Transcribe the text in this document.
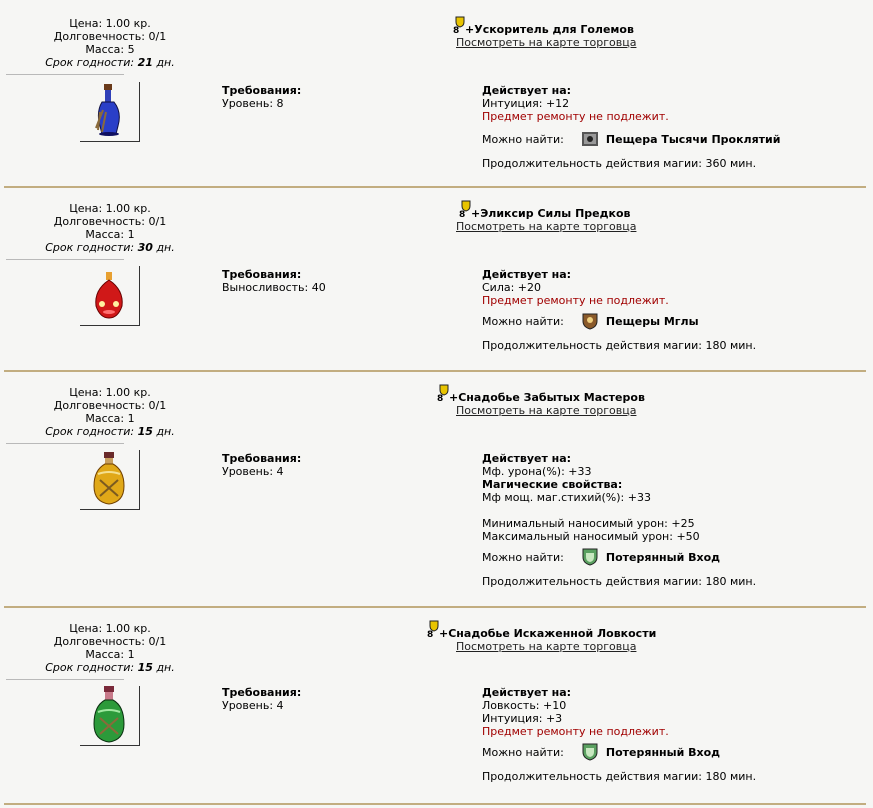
Цена: 1.00 кр.
Долговечность: 0/1
Масса: 5
Срок годности: 21 дн.
8 +Ускоритель для Големов
Посмотреть на карте торговца
Требования:
Уровень: 8
Действует на:
Интуиция: +12
Предмет ремонту не подлежит.
Можно найти:	Пещера Тысячи Проклятий
Продолжительность действия магии: 360 мин.
Цена: 1.00 кр.
Долговечность: 0/1
Масса: 1
Срок годности: 30 дн.
8 +Эликсир Силы Предков
Посмотреть на карте торговца
Требования:
Выносливость: 40
Действует на:
Сила: +20
Предмет ремонту не подлежит.
Можно найти:	Пещеры Мглы
Продолжительность действия магии: 180 мин.
Цена: 1.00 кр.
Долговечность: 0/1
Масса: 1
Срок годности: 15 дн.
8 +Снадобье Забытых Мастеров
Посмотреть на карте торговца
Требования:
Уровень: 4
Действует на:
Мф. урона(%): +33
Магические свойства:
Мф мощ. маг.стихий(%): +33
Минимальный наносимый урон: +25
Максимальный наносимый урон: +50
Можно найти:	Потерянный Вход
Продолжительность действия магии: 180 мин.
Цена: 1.00 кр.
Долговечность: 0/1
Масса: 1
Срок годности: 15 дн.
8 +Снадобье Искаженной Ловкости
Посмотреть на карте торговца
Требования:
Уровень: 4
Действует на:
Ловкость: +10
Интуиция: +3
Предмет ремонту не подлежит.
Можно найти:	Потерянный Вход
Продолжительность действия магии: 180 мин.
